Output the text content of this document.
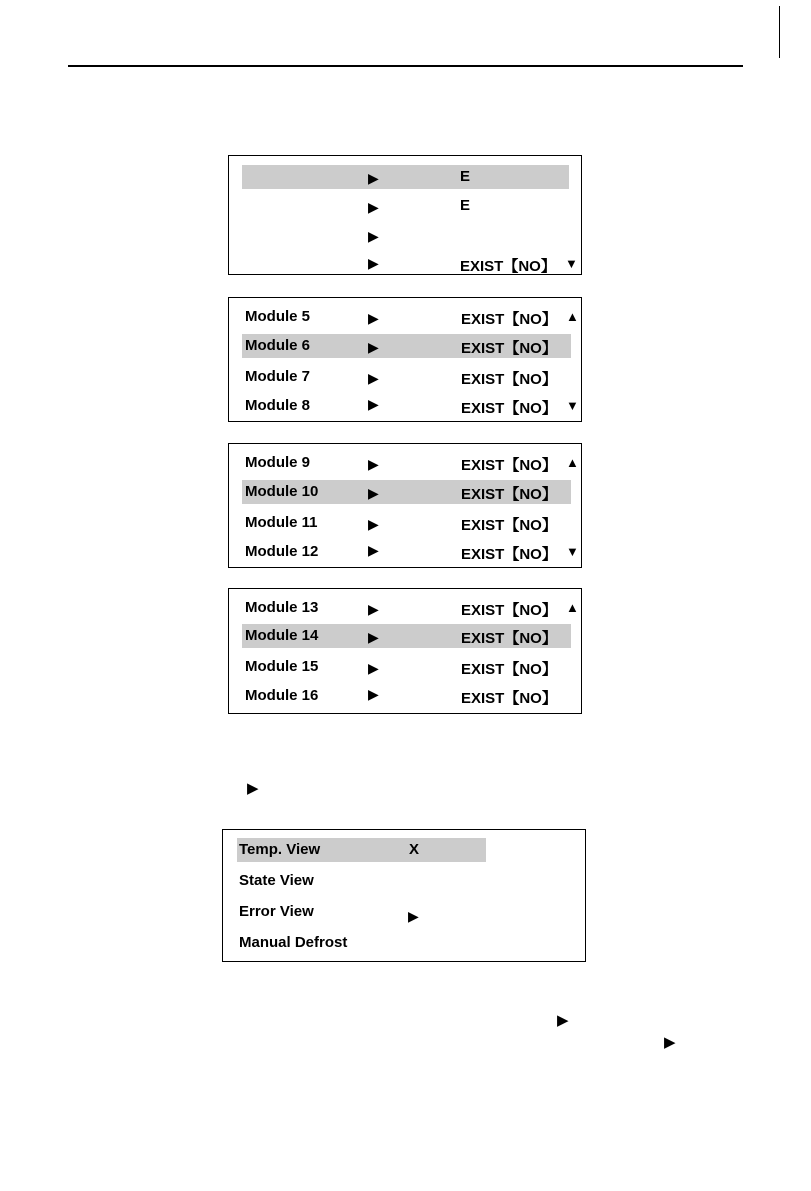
▶	E
▶	E
▶
▶	EXIST【NO】 ▼
Module 5	▶	EXIST【NO】 ▲
Module 6	▶	EXIST【NO】
Module 7	▶	EXIST【NO】
Module 8	▶	EXIST【NO】 ▼
Module 9	▶	EXIST【NO】 ▲
Module 10	▶	EXIST【NO】
Module 11	▶	EXIST【NO】
Module 12	▶	EXIST【NO】 ▼
Module 13	▶	EXIST【NO】 ▲
Module 14	▶	EXIST【NO】
Module 15	▶	EXIST【NO】
Module 16	▶	EXIST【NO】
▶
Temp. View	X
State View
Error View	▶
Manual Defrost
▶
▶
